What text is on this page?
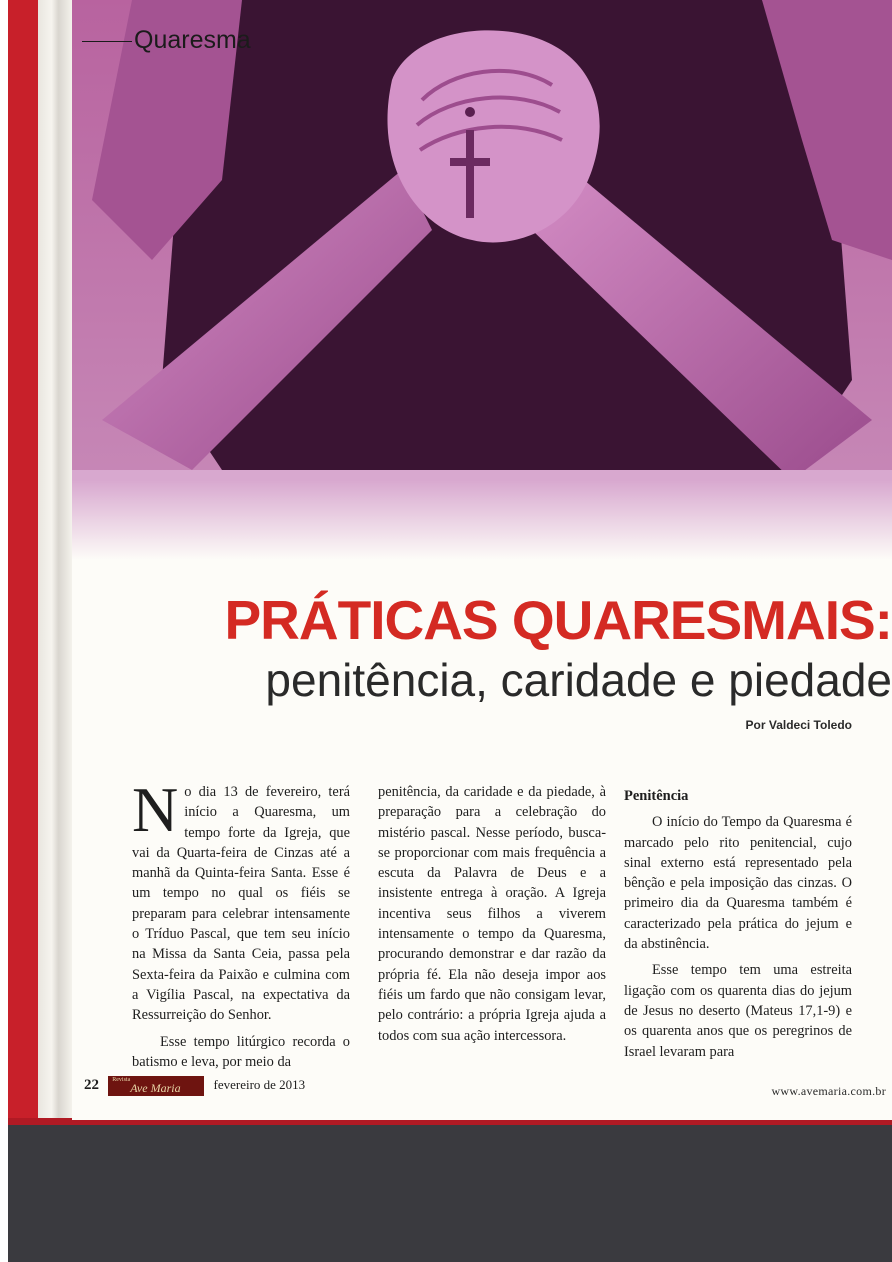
Quaresma
PRÁTICAS QUARESMAIS:
penitência, caridade e piedade
Por Valdeci Toledo

No dia 13 de fevereiro, terá início a Quaresma, um tempo forte da Igreja, que vai da Quarta-feira de Cinzas até a manhã da Quinta-feira Santa. Esse é um tempo no qual os fiéis se preparam para celebrar intensamente o Tríduo Pascal, que tem seu início na Missa da Santa Ceia, passa pela Sexta-feira da Paixão e culmina com a Vigília Pascal, na expectativa da Ressurreição do Senhor.

Esse tempo litúrgico recorda o batismo e leva, por meio da

penitência, da caridade e da piedade, à preparação para a celebração do mistério pascal. Nesse período, busca-se proporcionar com mais frequência a escuta da Palavra de Deus e a insistente entrega à oração. A Igreja incentiva seus filhos a viverem intensamente o tempo da Quaresma, procurando demonstrar e dar razão da própria fé. Ela não deseja impor aos fiéis um fardo que não consigam levar, pelo contrário: a própria Igreja ajuda a todos com sua ação intercessora.

Penitência

O início do Tempo da Quaresma é marcado pelo rito penitencial, cujo sinal externo está representado pela bênção e pela imposição das cinzas. O primeiro dia da Quaresma também é caracterizado pela prática do jejum e da abstinência.

Esse tempo tem uma estreita ligação com os quarenta dias do jejum de Jesus no deserto (Mateus 17,1-9) e os quarenta anos que os peregrinos de Israel levaram para

22 Revista
Ave Maria	fevereiro de 2013	www.avemaria.com.br
